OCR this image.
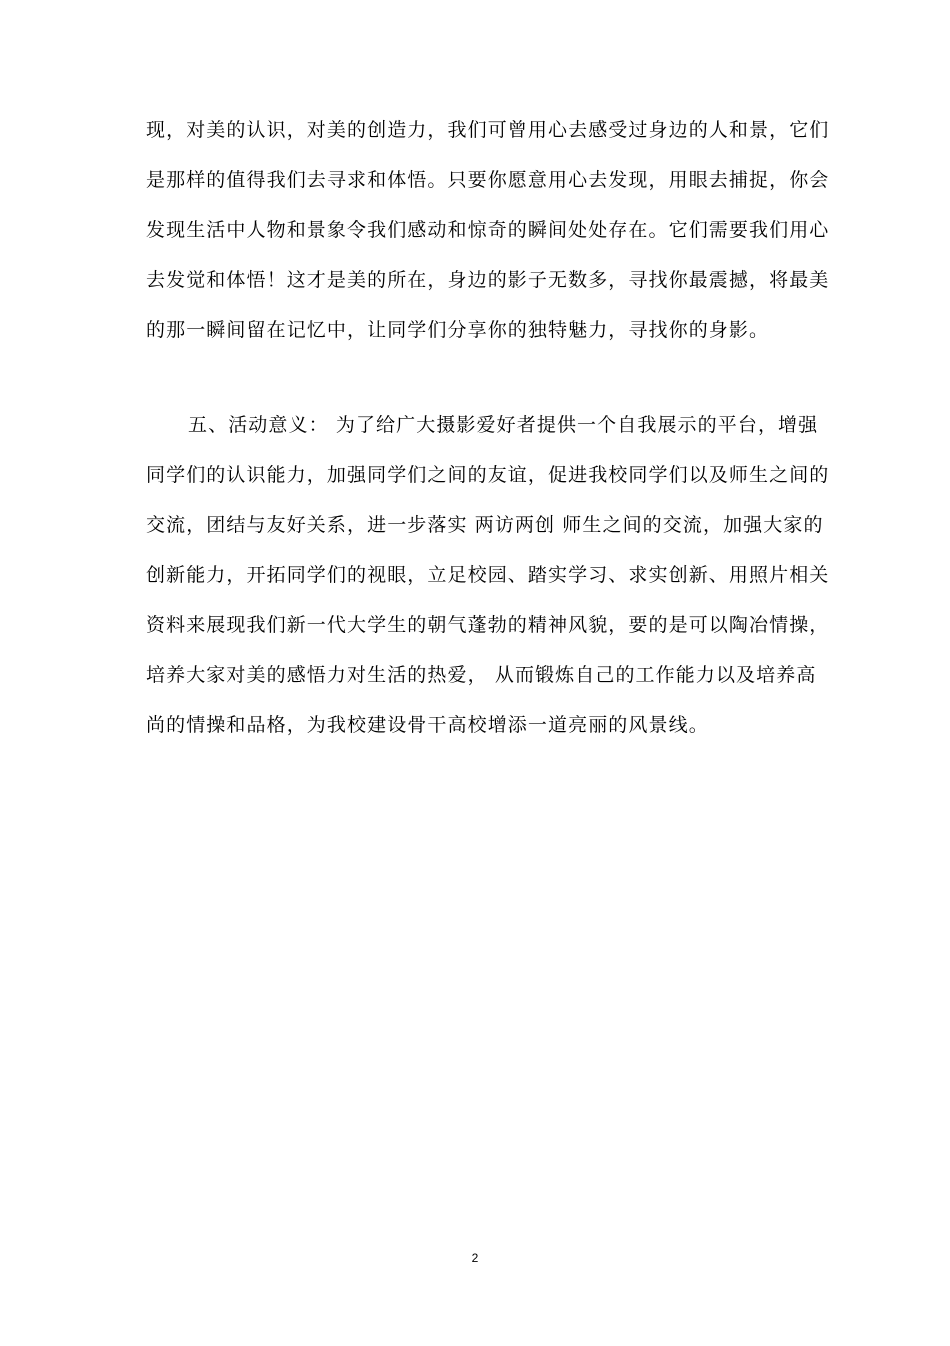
现，对美的认识，对美的创造力，我们可曾用心去感受过身边的人和景，它们
是那样的值得我们去寻求和体悟。只要你愿意用心去发现，用眼去捕捉，你会
发现生活中人物和景象令我们感动和惊奇的瞬间处处存在。它们需要我们用心
去发觉和体悟！这才是美的所在，身边的影子无数多，寻找你最震撼，将最美
的那一瞬间留在记忆中，让同学们分享你的独特魅力，寻找你的身影。
五、活动意义： 为了给广大摄影爱好者提供一个自我展示的平台，增强
同学们的认识能力，加强同学们之间的友谊，促进我校同学们以及师生之间的
交流，团结与友好关系，进一步落实 两访两创 师生之间的交流，加强大家的
创新能力，开拓同学们的视眼，立足校园、踏实学习、求实创新、用照片相关
资料来展现我们新一代大学生的朝气蓬勃的精神风貌，要的是可以陶冶情操，
培养大家对美的感悟力对生活的热爱， 从而锻炼自己的工作能力以及培养高
尚的情操和品格，为我校建设骨干高校增添一道亮丽的风景线。
2
